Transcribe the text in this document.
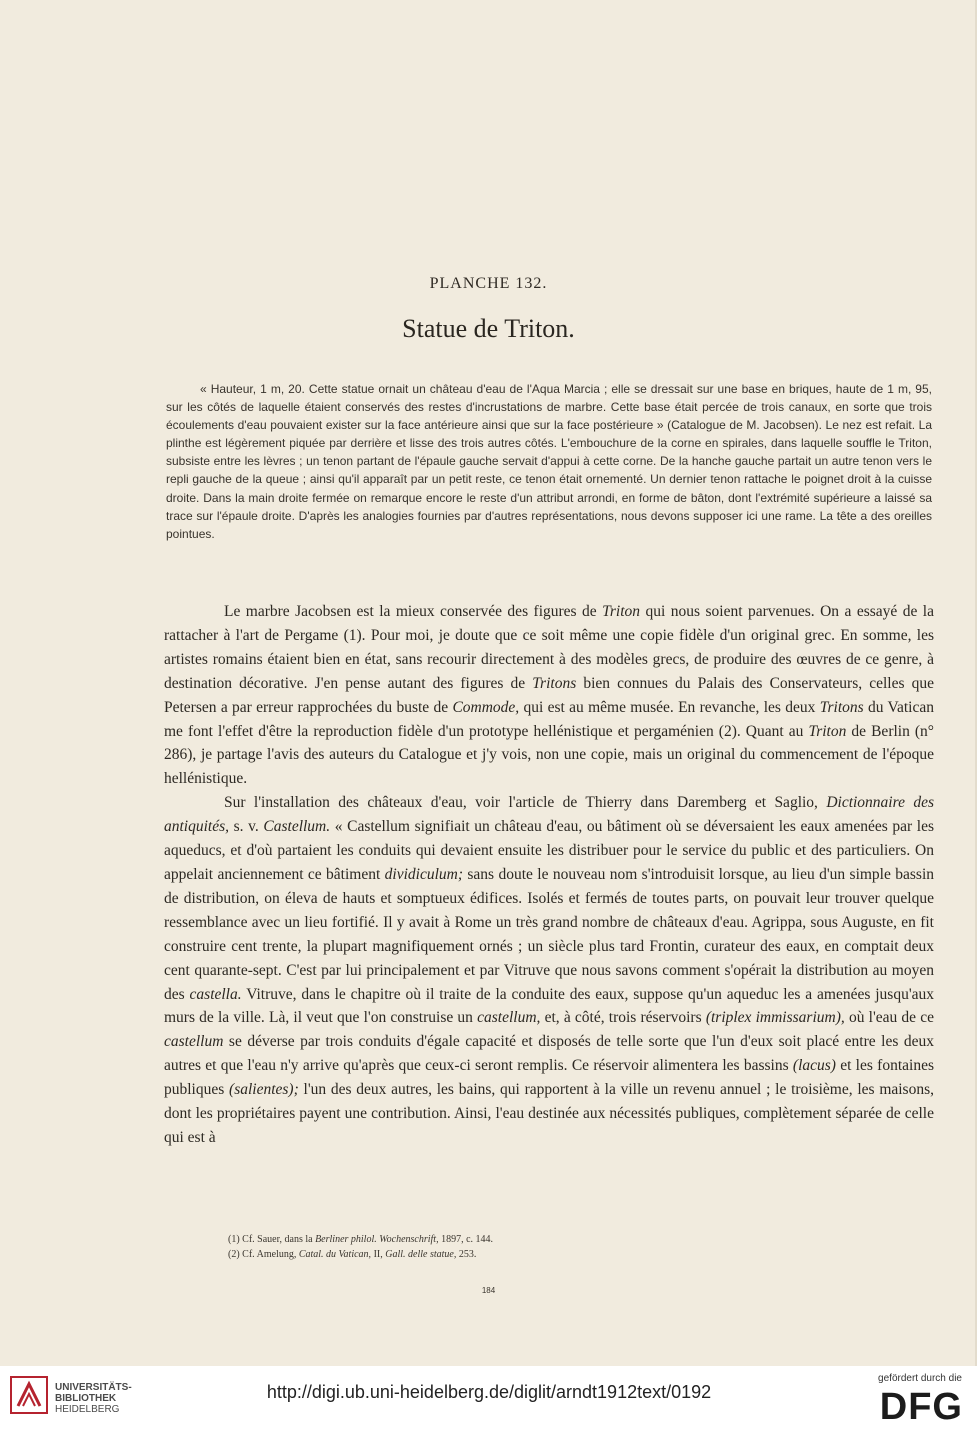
PLANCHE 132.
Statue de Triton.

« Hauteur, 1 m, 20. Cette statue ornait un château d'eau de l'Aqua Marcia ; elle se dressait sur une base en briques, haute de 1 m, 95, sur les côtés de laquelle étaient conservés des restes d'incrustations de marbre. Cette base était percée de trois canaux, en sorte que trois écoulements d'eau pouvaient exister sur la face antérieure ainsi que sur la face postérieure » (Catalogue de M. Jacobsen). Le nez est refait. La plinthe est légèrement piquée par derrière et lisse des trois autres côtés. L'embouchure de la corne en spirales, dans laquelle souffle le Triton, subsiste entre les lèvres ; un tenon partant de l'épaule gauche servait d'appui à cette corne. De la hanche gauche partait un autre tenon vers le repli gauche de la queue ; ainsi qu'il apparaît par un petit reste, ce tenon était ornementé. Un dernier tenon rattache le poignet droit à la cuisse droite. Dans la main droite fermée on remarque encore le reste d'un attribut arrondi, en forme de bâton, dont l'extrémité supérieure a laissé sa trace sur l'épaule droite. D'après les analogies fournies par d'autres représentations, nous devons supposer ici une rame. La tête a des oreilles pointues.

Le marbre Jacobsen est la mieux conservée des figures de Triton qui nous soient parvenues. On a essayé de la rattacher à l'art de Pergame (1). Pour moi, je doute que ce soit même une copie fidèle d'un original grec. En somme, les artistes romains étaient bien en état, sans recourir directement à des modèles grecs, de produire des œuvres de ce genre, à destination décorative. J'en pense autant des figures de Tritons bien connues du Palais des Conservateurs, celles que Petersen a par erreur rapprochées du buste de Commode, qui est au même musée. En revanche, les deux Tritons du Vatican me font l'effet d'être la reproduction fidèle d'un prototype hellénistique et pergaménien (2). Quant au Triton de Berlin (n° 286), je partage l'avis des auteurs du Catalogue et j'y vois, non une copie, mais un original du commencement de l'époque hellénistique.

Sur l'installation des châteaux d'eau, voir l'article de Thierry dans Daremberg et Saglio, Dictionnaire des antiquités, s. v. Castellum. « Castellum signifiait un château d'eau, ou bâtiment où se déversaient les eaux amenées par les aqueducs, et d'où partaient les conduits qui devaient ensuite les distribuer pour le service du public et des particuliers. On appelait anciennement ce bâtiment dividiculum; sans doute le nouveau nom s'introduisit lorsque, au lieu d'un simple bassin de distribution, on éleva de hauts et somptueux édifices. Isolés et fermés de toutes parts, on pouvait leur trouver quelque ressemblance avec un lieu fortifié. Il y avait à Rome un très grand nombre de châteaux d'eau. Agrippa, sous Auguste, en fit construire cent trente, la plupart magnifiquement ornés ; un siècle plus tard Frontin, curateur des eaux, en comptait deux cent quarante-sept. C'est par lui principalement et par Vitruve que nous savons comment s'opérait la distribution au moyen des castella. Vitruve, dans le chapitre où il traite de la conduite des eaux, suppose qu'un aqueduc les a amenées jusqu'aux murs de la ville. Là, il veut que l'on construise un castellum, et, à côté, trois réservoirs (triplex immissarium), où l'eau de ce castellum se déverse par trois conduits d'égale capacité et disposés de telle sorte que l'un d'eux soit placé entre les deux autres et que l'eau n'y arrive qu'après que ceux-ci seront remplis. Ce réservoir alimentera les bassins (lacus) et les fontaines publiques (salientes); l'un des deux autres, les bains, qui rapportent à la ville un revenu annuel ; le troisième, les maisons, dont les propriétaires payent une contribution. Ainsi, l'eau destinée aux nécessités publiques, complètement séparée de celle qui est à

(1) Cf. Sauer, dans la Berliner philol. Wochenschrift, 1897, c. 144.
(2) Cf. Amelung, Catal. du Vatican, II, Gall. delle statue, 253.
184
UNIVERSITÄTS-
BIBLIOTHEK
HEIDELBERG
http://digi.ub.uni-heidelberg.de/diglit/arndt1912text/0192
gefördert durch die
DFG
